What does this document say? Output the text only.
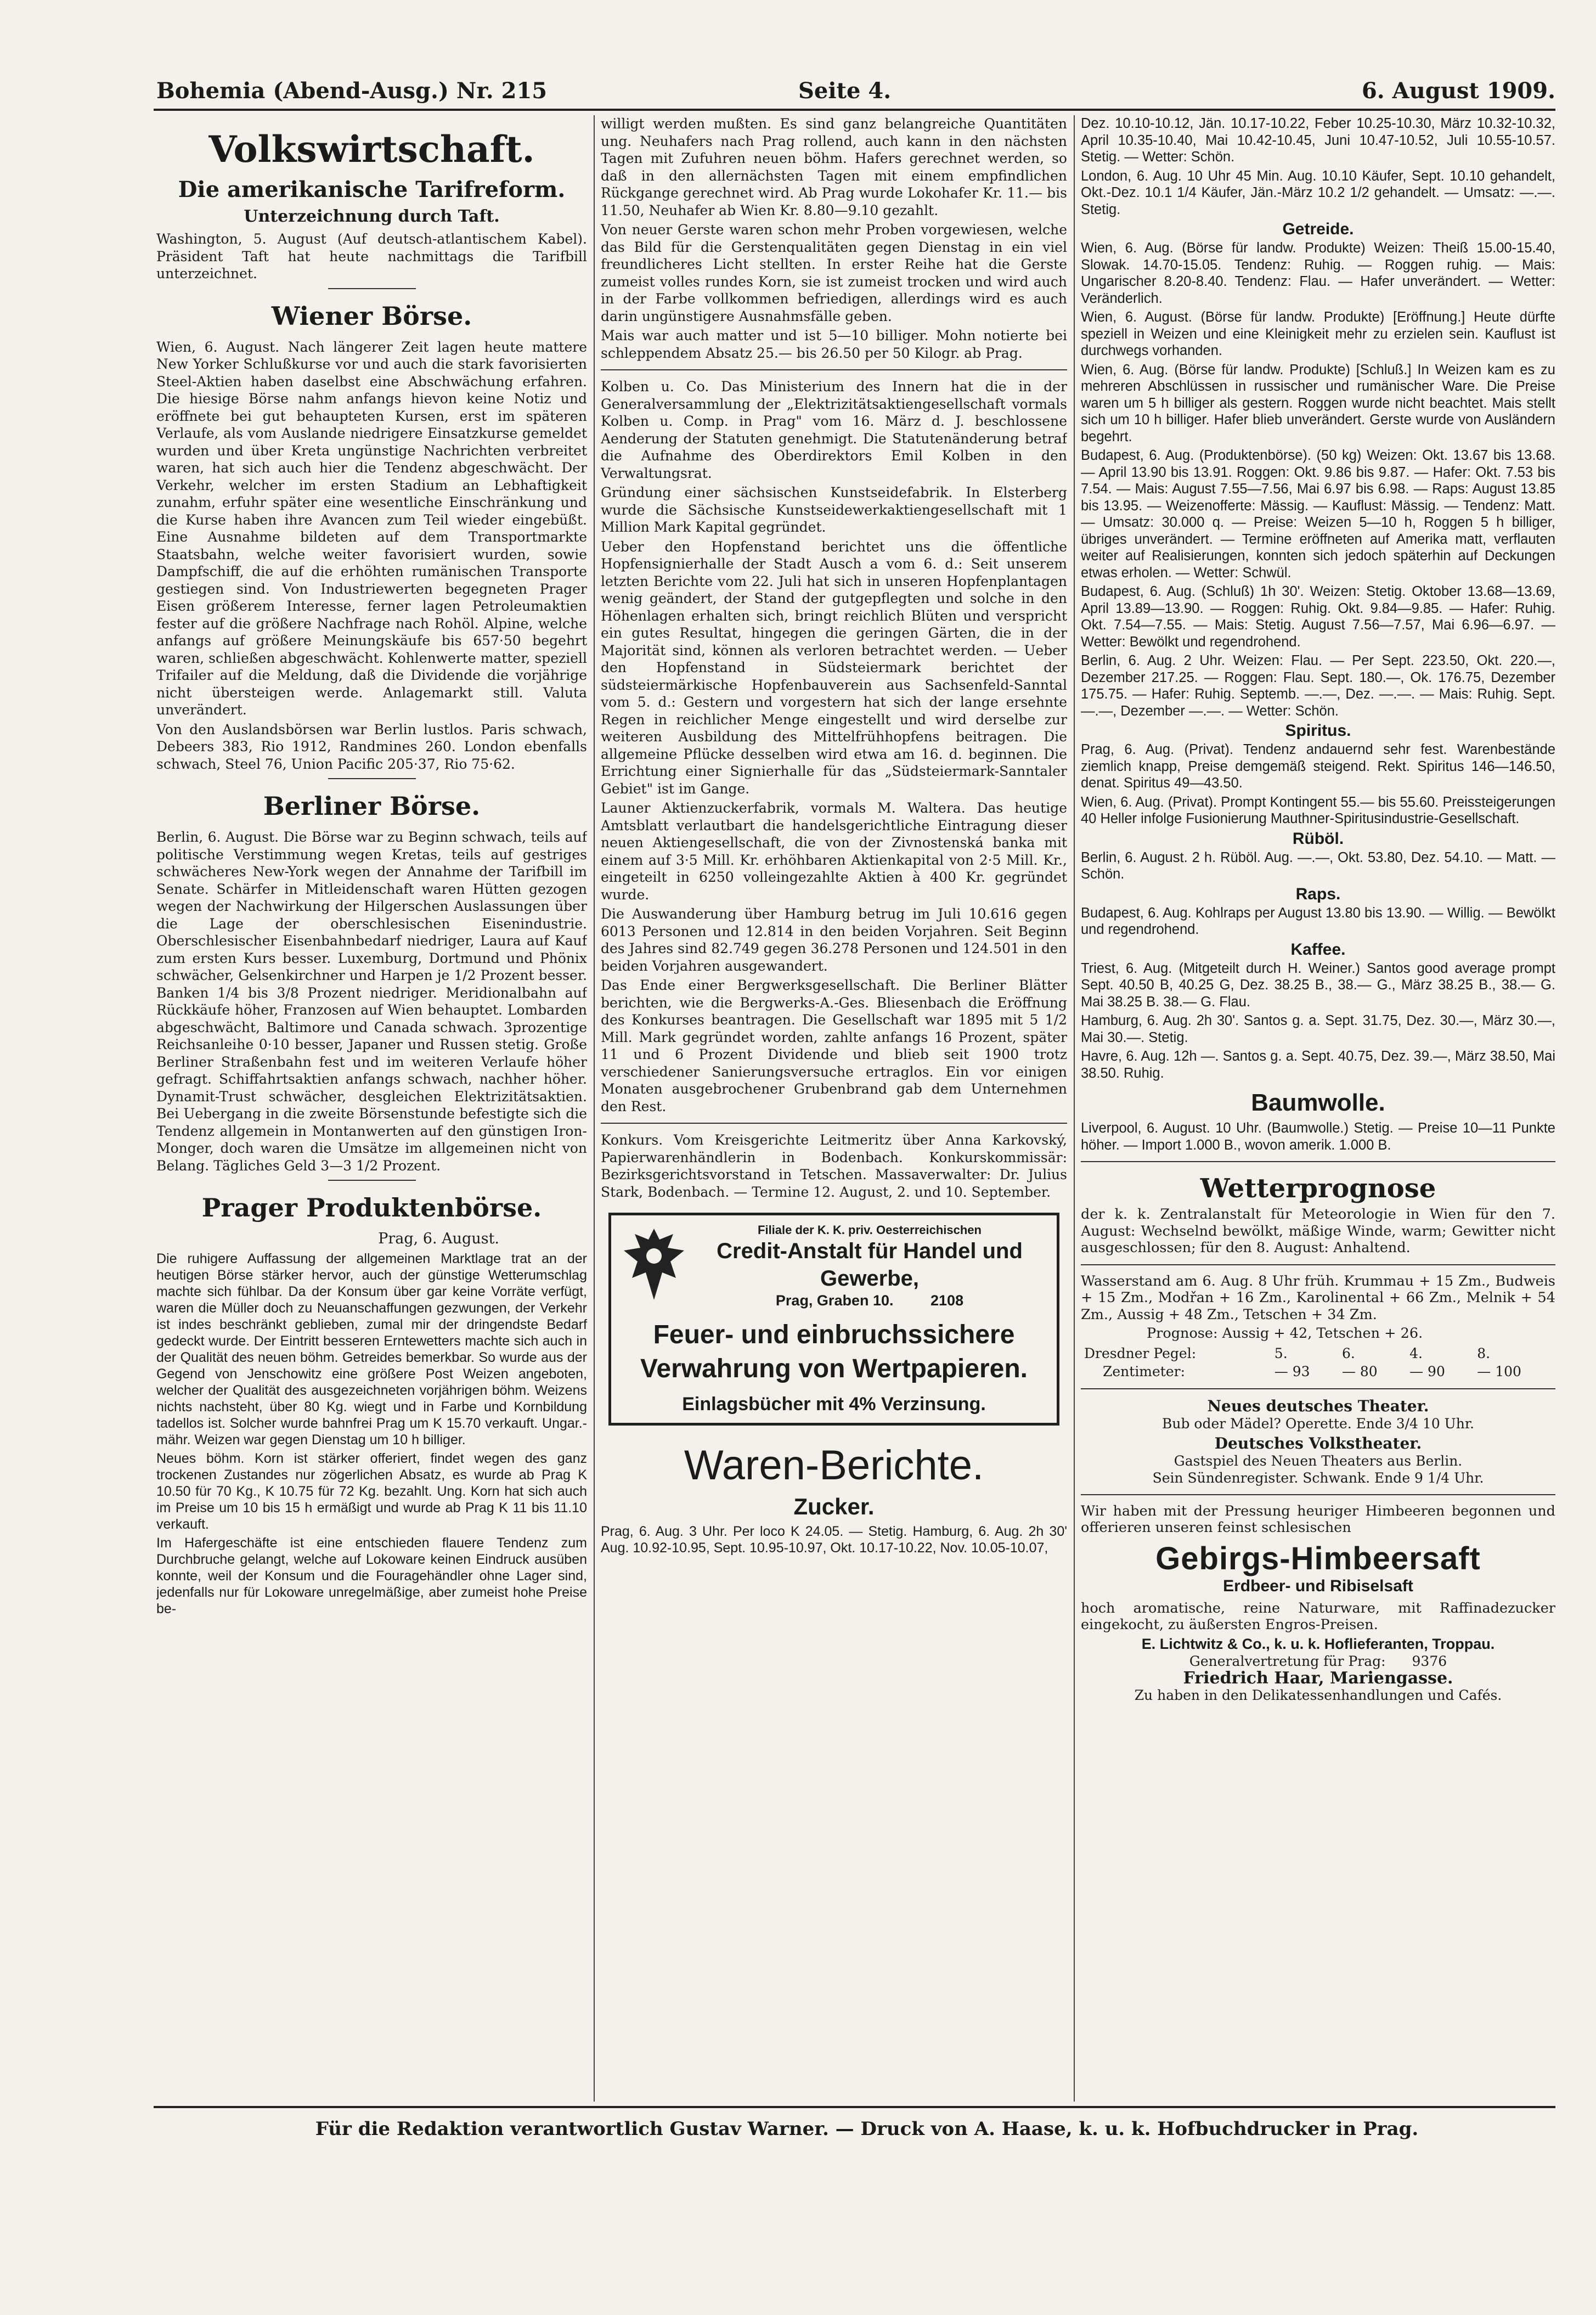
Bohemia (Abend-Ausg.) Nr. 215	Seite 4.	6. August 1909.
Volkswirtschaft.
Die amerikanische Tarifreform.
Unterzeichnung durch Taft.

Washington, 5. August (Auf deutsch-atlantischem Kabel). Präsident Taft hat heute nachmittags die Tarifbill unterzeichnet.

Wiener Börse.

Wien, 6. August. Nach längerer Zeit lagen heute mattere New Yorker Schlußkurse vor und auch die stark favorisierten Steel-Aktien haben daselbst eine Abschwächung erfahren. Die hiesige Börse nahm anfangs hievon keine Notiz und eröffnete bei gut behaupteten Kursen, erst im späteren Verlaufe, als vom Auslande niedrigere Einsatzkurse gemeldet wurden und über Kreta ungünstige Nachrichten verbreitet waren, hat sich auch hier die Tendenz abgeschwächt. Der Verkehr, welcher im ersten Stadium an Lebhaftigkeit zunahm, erfuhr später eine wesentliche Einschränkung und die Kurse haben ihre Avancen zum Teil wieder eingebüßt. Eine Ausnahme bildeten auf dem Transportmarkte Staatsbahn, welche weiter favorisiert wurden, sowie Dampfschiff, die auf die erhöhten rumänischen Transporte gestiegen sind. Von Industriewerten begegneten Prager Eisen größerem Interesse, ferner lagen Petroleumaktien fester auf die größere Nachfrage nach Rohöl. Alpine, welche anfangs auf größere Meinungskäufe bis 657·50 begehrt waren, schließen abgeschwächt. Kohlenwerte matter, speziell Trifailer auf die Meldung, daß die Dividende die vorjährige nicht übersteigen werde. Anlagemarkt still. Valuta unverändert.

Von den Auslandsbörsen war Berlin lustlos. Paris schwach, Debeers 383, Rio 1912, Randmines 260. London ebenfalls schwach, Steel 76, Union Pacific 205·37, Rio 75·62.

Berliner Börse.

Berlin, 6. August. Die Börse war zu Beginn schwach, teils auf politische Verstimmung wegen Kretas, teils auf gestriges schwächeres New-York wegen der Annahme der Tarifbill im Senate. Schärfer in Mitleidenschaft waren Hütten gezogen wegen der Nachwirkung der Hilgerschen Auslassungen über die Lage der oberschlesischen Eisenindustrie. Oberschlesischer Eisenbahnbedarf niedriger, Laura auf Kauf zum ersten Kurs besser. Luxemburg, Dortmund und Phönix schwächer, Gelsenkirchner und Harpen je 1/2 Prozent besser. Banken 1/4 bis 3/8 Prozent niedriger. Meridionalbahn auf Rückkäufe höher, Franzosen auf Wien behauptet. Lombarden abgeschwächt, Baltimore und Canada schwach. 3prozentige Reichsanleihe 0·10 besser, Japaner und Russen stetig. Große Berliner Straßenbahn fest und im weiteren Verlaufe höher gefragt. Schiffahrtsaktien anfangs schwach, nachher höher. Dynamit-Trust schwächer, desgleichen Elektrizitätsaktien. Bei Uebergang in die zweite Börsenstunde befestigte sich die Tendenz allgemein in Montanwerten auf den günstigen Iron-Monger, doch waren die Umsätze im allgemeinen nicht von Belang. Tägliches Geld 3—3 1/2 Prozent.

Prager Produktenbörse.
Prag, 6. August.

Die ruhigere Auffassung der allgemeinen Marktlage trat an der heutigen Börse stärker hervor, auch der günstige Wetterumschlag machte sich fühlbar. Da der Konsum über gar keine Vorräte verfügt, waren die Müller doch zu Neuanschaffungen gezwungen, der Verkehr ist indes beschränkt geblieben, zumal mir der dringendste Bedarf gedeckt wurde. Der Eintritt besseren Erntewetters machte sich auch in der Qualität des neuen böhm. Getreides bemerkbar. So wurde aus der Gegend von Jenschowitz eine größere Post Weizen angeboten, welcher der Qualität des ausgezeichneten vorjährigen böhm. Weizens nichts nachsteht, über 80 Kg. wiegt und in Farbe und Kornbildung tadellos ist. Solcher wurde bahnfrei Prag um K 15.70 verkauft. Ungar.-mähr. Weizen war gegen Dienstag um 10 h billiger.

Neues böhm. Korn ist stärker offeriert, findet wegen des ganz trockenen Zustandes nur zögerlichen Absatz, es wurde ab Prag K 10.50 für 70 Kg., K 10.75 für 72 Kg. bezahlt. Ung. Korn hat sich auch im Preise um 10 bis 15 h ermäßigt und wurde ab Prag K 11 bis 11.10 verkauft.

Im Hafergeschäfte ist eine entschieden flauere Tendenz zum Durchbruche gelangt, welche auf Lokoware keinen Eindruck ausüben konnte, weil der Konsum und die Fouragehändler ohne Lager sind, jedenfalls nur für Lokoware unregelmäßige, aber zumeist hohe Preise be-

willigt werden mußten. Es sind ganz belangreiche Quantitäten ung. Neuhafers nach Prag rollend, auch kann in den nächsten Tagen mit Zufuhren neuen böhm. Hafers gerechnet werden, so daß in den allernächsten Tagen mit einem empfindlichen Rückgange gerechnet wird. Ab Prag wurde Lokohafer Kr. 11.— bis 11.50, Neuhafer ab Wien Kr. 8.80—9.10 gezahlt.

Von neuer Gerste waren schon mehr Proben vorgewiesen, welche das Bild für die Gerstenqualitäten gegen Dienstag in ein viel freundlicheres Licht stellten. In erster Reihe hat die Gerste zumeist volles rundes Korn, sie ist zumeist trocken und wird auch in der Farbe vollkommen befriedigen, allerdings wird es auch darin ungünstigere Ausnahmsfälle geben.

Mais war auch matter und ist 5—10 billiger. Mohn notierte bei schleppendem Absatz 25.— bis 26.50 per 50 Kilogr. ab Prag.

Kolben u. Co. Das Ministerium des Innern hat die in der Generalversammlung der „Elektrizitätsaktiengesellschaft vormals Kolben u. Comp. in Prag" vom 16. März d. J. beschlossene Aenderung der Statuten genehmigt. Die Statutenänderung betraf die Aufnahme des Oberdirektors Emil Kolben in den Verwaltungsrat.

Gründung einer sächsischen Kunstseidefabrik. In Elsterberg wurde die Sächsische Kunstseidewerkaktiengesellschaft mit 1 Million Mark Kapital gegründet.

Ueber den Hopfenstand berichtet uns die öffentliche Hopfensignierhalle der Stadt Ausch a vom 6. d.: Seit unserem letzten Berichte vom 22. Juli hat sich in unseren Hopfenplantagen wenig geändert, der Stand der gutgepflegten und solche in den Höhenlagen erhalten sich, bringt reichlich Blüten und verspricht ein gutes Resultat, hingegen die geringen Gärten, die in der Majorität sind, können als verloren betrachtet werden. — Ueber den Hopfenstand in Südsteiermark berichtet der südsteiermärkische Hopfenbauverein aus Sachsenfeld-Sanntal vom 5. d.: Gestern und vorgestern hat sich der lange ersehnte Regen in reichlicher Menge eingestellt und wird derselbe zur weiteren Ausbildung des Mittelfrühhopfens beitragen. Die allgemeine Pflücke desselben wird etwa am 16. d. beginnen. Die Errichtung einer Signierhalle für das „Südsteiermark-Sanntaler Gebiet" ist im Gange.

Launer Aktienzuckerfabrik, vormals M. Waltera. Das heutige Amtsblatt verlautbart die handelsgerichtliche Eintragung dieser neuen Aktiengesellschaft, die von der Zivnostenská banka mit einem auf 3·5 Mill. Kr. erhöhbaren Aktienkapital von 2·5 Mill. Kr., eingeteilt in 6250 volleingezahlte Aktien à 400 Kr. gegründet wurde.

Die Auswanderung über Hamburg betrug im Juli 10.616 gegen 6013 Personen und 12.814 in den beiden Vorjahren. Seit Beginn des Jahres sind 82.749 gegen 36.278 Personen und 124.501 in den beiden Vorjahren ausgewandert.

Das Ende einer Bergwerksgesellschaft. Die Berliner Blätter berichten, wie die Bergwerks-A.-Ges. Bliesenbach die Eröffnung des Konkurses beantragen. Die Gesellschaft war 1895 mit 5 1/2 Mill. Mark gegründet worden, zahlte anfangs 16 Prozent, später 11 und 6 Prozent Dividende und blieb seit 1900 trotz verschiedener Sanierungsversuche ertraglos. Ein vor einigen Monaten ausgebrochener Grubenbrand gab dem Unternehmen den Rest.

Konkurs. Vom Kreisgerichte Leitmeritz über Anna Karkovský, Papierwarenhändlerin in Bodenbach. Konkurskommissär: Bezirksgerichtsvorstand in Tetschen. Massaverwalter: Dr. Julius Stark, Bodenbach. — Termine 12. August, 2. und 10. September.

Filiale der K. K. priv. Oesterreichischen
Credit-Anstalt für Handel und Gewerbe,
Prag, Graben 10.	2108
Feuer- und einbruchssichere Verwahrung von Wertpapieren.
Einlagsbücher mit 4% Verzinsung.
Waren-Berichte.
Zucker.

Prag, 6. Aug. 3 Uhr. Per loco K 24.05. — Stetig. Hamburg, 6. Aug. 2h 30' Aug. 10.92-10.95, Sept. 10.95-10.97, Okt. 10.17-10.22, Nov. 10.05-10.07,

Dez. 10.10-10.12, Jän. 10.17-10.22, Feber 10.25-10.30, März 10.32-10.32, April 10.35-10.40, Mai 10.42-10.45, Juni 10.47-10.52, Juli 10.55-10.57. Stetig. — Wetter: Schön.

London, 6. Aug. 10 Uhr 45 Min. Aug. 10.10 Käufer, Sept. 10.10 gehandelt, Okt.-Dez. 10.1 1/4 Käufer, Jän.-März 10.2 1/2 gehandelt. — Umsatz: —.—. Stetig.

Getreide.

Wien, 6. Aug. (Börse für landw. Produkte) Weizen: Theiß 15.00-15.40, Slowak. 14.70-15.05. Tendenz: Ruhig. — Roggen ruhig. — Mais: Ungarischer 8.20-8.40. Tendenz: Flau. — Hafer unverändert. — Wetter: Veränderlich.

Wien, 6. August. (Börse für landw. Produkte) [Eröffnung.] Heute dürfte speziell in Weizen und eine Kleinigkeit mehr zu erzielen sein. Kauflust ist durchwegs vorhanden.

Wien, 6. Aug. (Börse für landw. Produkte) [Schluß.] In Weizen kam es zu mehreren Abschlüssen in russischer und rumänischer Ware. Die Preise waren um 5 h billiger als gestern. Roggen wurde nicht beachtet. Mais stellt sich um 10 h billiger. Hafer blieb unverändert. Gerste wurde von Ausländern begehrt.

Budapest, 6. Aug. (Produktenbörse). (50 kg) Weizen: Okt. 13.67 bis 13.68. — April 13.90 bis 13.91. Roggen: Okt. 9.86 bis 9.87. — Hafer: Okt. 7.53 bis 7.54. — Mais: August 7.55—7.56, Mai 6.97 bis 6.98. — Raps: August 13.85 bis 13.95. — Weizenofferte: Mässig. — Kauflust: Mässig. — Tendenz: Matt. — Umsatz: 30.000 q. — Preise: Weizen 5—10 h, Roggen 5 h billiger, übriges unverändert. — Termine eröffneten auf Amerika matt, verflauten weiter auf Realisierungen, konnten sich jedoch späterhin auf Deckungen etwas erholen. — Wetter: Schwül.

Budapest, 6. Aug. (Schluß) 1h 30'. Weizen: Stetig. Oktober 13.68—13.69, April 13.89—13.90. — Roggen: Ruhig. Okt. 9.84—9.85. — Hafer: Ruhig. Okt. 7.54—7.55. — Mais: Stetig. August 7.56—7.57, Mai 6.96—6.97. — Wetter: Bewölkt und regendrohend.

Berlin, 6. Aug. 2 Uhr. Weizen: Flau. — Per Sept. 223.50, Okt. 220.—, Dezember 217.25. — Roggen: Flau. Sept. 180.—, Ok. 176.75, Dezember 175.75. — Hafer: Ruhig. Septemb. —.—, Dez. —.—. — Mais: Ruhig. Sept. —.—, Dezember —.—. — Wetter: Schön.

Spiritus.

Prag, 6. Aug. (Privat). Tendenz andauernd sehr fest. Warenbestände ziemlich knapp, Preise demgemäß steigend. Rekt. Spiritus 146—146.50, denat. Spiritus 49—43.50.

Wien, 6. Aug. (Privat). Prompt Kontingent 55.— bis 55.60. Preissteigerungen 40 Heller infolge Fusionierung Mauthner-Spiritusindustrie-Gesellschaft.

Rüböl.

Berlin, 6. August. 2 h. Rüböl. Aug. —.—, Okt. 53.80, Dez. 54.10. — Matt. — Schön.

Raps.

Budapest, 6. Aug. Kohlraps per August 13.80 bis 13.90. — Willig. — Bewölkt und regendrohend.

Kaffee.

Triest, 6. Aug. (Mitgeteilt durch H. Weiner.) Santos good average prompt Sept. 40.50 B, 40.25 G, Dez. 38.25 B., 38.— G., März 38.25 B., 38.— G. Mai 38.25 B. 38.— G. Flau.

Hamburg, 6. Aug. 2h 30'. Santos g. a. Sept. 31.75, Dez. 30.—, März 30.—, Mai 30.—. Stetig.

Havre, 6. Aug. 12h —. Santos g. a. Sept. 40.75, Dez. 39.—, März 38.50, Mai 38.50. Ruhig.

Baumwolle.

Liverpool, 6. August. 10 Uhr. (Baumwolle.) Stetig. — Preise 10—11 Punkte höher. — Import 1.000 B., wovon amerik. 1.000 B.

Wetterprognose

der k. k. Zentralanstalt für Meteorologie in Wien für den 7. August: Wechselnd bewölkt, mäßige Winde, warm; Gewitter nicht ausgeschlossen; für den 8. August: Anhaltend.

Wasserstand am 6. Aug. 8 Uhr früh. Krummau + 15 Zm., Budweis + 15 Zm., Modřan + 16 Zm., Karolinental + 66 Zm., Melnik + 54 Zm., Aussig + 48 Zm., Tetschen + 34 Zm.

Prognose: Aussig + 42, Tetschen + 26.

Dresdner Pegel:	5.	6.	4.	8.
Zentimeter:	— 93	— 80	— 90	— 100
Neues deutsches Theater.
Bub oder Mädel? Operette. Ende 3/4 10 Uhr.
Deutsches Volkstheater.
Gastspiel des Neuen Theaters aus Berlin.
Sein Sündenregister. Schwank. Ende 9 1/4 Uhr.

Wir haben mit der Pressung heuriger Himbeeren begonnen und offerieren unseren feinst schlesischen

Gebirgs-Himbeersaft
Erdbeer- und Ribiselsaft

hoch aromatische, reine Naturware, mit Raffinadezucker eingekocht, zu äußersten Engros-Preisen.

E. Lichtwitz & Co., k. u. k. Hoflieferanten, Troppau.
Generalvertretung für Prag: 9376
Friedrich Haar, Mariengasse.
Zu haben in den Delikatessenhandlungen und Cafés.
Für die Redaktion verantwortlich Gustav Warner. — Druck von A. Haase, k. u. k. Hofbuchdrucker in Prag.
